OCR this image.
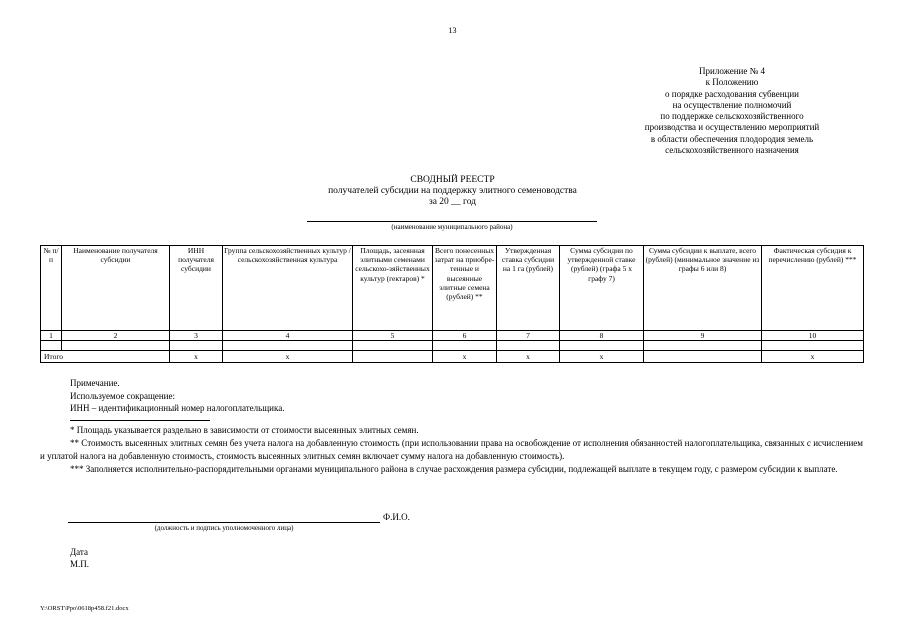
13
Приложение № 4
к Положению
о порядке расходования субвенции
на осуществление полномочий
по поддержке сельскохозяйственного
производства и осуществлению мероприятий
в области обеспечения плодородия земель
сельскохозяйственного назначения
СВОДНЫЙ РЕЕСТР
получателей субсидии на поддержку элитного семеноводства
за 20 __ год
(наименование муниципального района)
№ п/п	Наименование получателя субсидии	ИНН получателя субсидии	Группа сельскохозяйственных культур / сельскохозяйственная культура	Площадь, засеянная элитными семенами сельскохо-зяйственных культур (гектаров) *	Всего понесенных затрат на приобре-тенные и высеянные элитные семена (рублей) **	Утвержденная ставка субсидии на 1 га (рублей)	Сумма субсидии по утвержденной ставке (рублей) (графа 5 х графу 7)	Сумма субсидии к выплате, всего (рублей) (минимальное значение из графы 6 или 8)	Фактическая субсидия к перечислению (рублей) ***
1	2	3	4	5	6	7	8	9	10

Итого		x	x		x	x	x		x
Примечание.
Используемое сокращение:
ИНН – идентификационный номер налогоплательщика.

* Площадь указывается раздельно в зависимости от стоимости высеянных элитных семян.

** Стоимость высеянных элитных семян без учета налога на добавленную стоимость (при использовании права на освобождение от исполнения обязанностей налогоплательщика, связанных с исчислением и уплатой налога на добавленную стоимость, стоимость высеянных элитных семян включает сумму налога на добавленную стоимость).

*** Заполняется исполнительно-распорядительными органами муниципального района в случае расхождения размера субсидии, подлежащей выплате в текущем году, с размером субсидии к выплате.

Ф.И.О.
(должность и подпись уполномоченного лица)
Дата
М.П.
Y:\ORST\Ppo\0618p458.f21.docx
